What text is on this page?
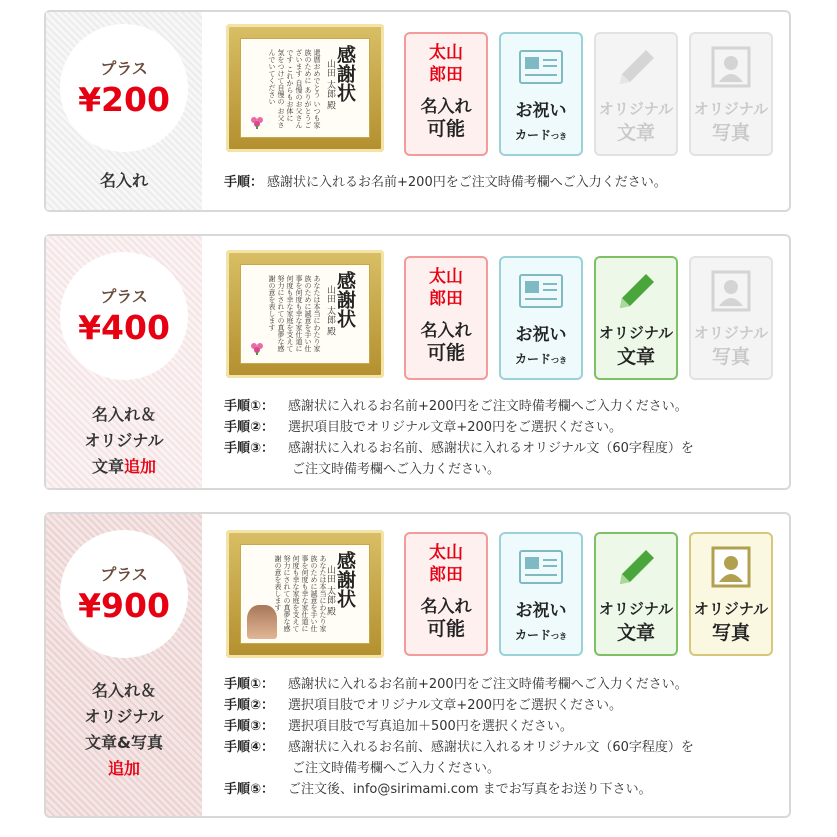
プラス
¥200
名入れ
還暦おめでとう いつも家族のために ありがとうございます 自慢のお父さんです これからもお体に 気をつけて自慢の お父さんでいてください	山田 太郎 殿 感謝状	太山
郎田
名入れ
可能
お祝い
カードつき
オリジナル
文章
オリジナル
写真
手順： 感謝状に入れるお名前+200円をご注文時備考欄へご入力ください。
プラス
¥400
名入れ＆
オリジナル
文章追加
あなたは本当にわたり家族のために誠意を手い仕事を何度も幸な家仕道に何度も幸な家庭を支えて努力にされての真夢な感謝の意を表します	山田 太郎 殿 感謝状	太山
郎田
名入れ
可能
お祝い
カードつき
オリジナル
文章
オリジナル
写真
手順①： 感謝状に入れるお名前+200円をご注文時備考欄へご入力ください。
手順②： 選択項目肢でオリジナル文章+200円をご選択ください。
手順③： 感謝状に入れるお名前、感謝状に入れるオリジナル文（60字程度）を
ご注文時備考欄へご入力ください。
プラス
¥900
名入れ＆
オリジナル
文章&写真
追加
あなたは本当にわたり家族のために誠意を手い仕事を何度も幸な家仕道に何度も幸な家庭を支えて努力にされての真夢な感謝の意を表します	山田 太郎 殿 感謝状	太山
郎田
名入れ
可能
お祝い
カードつき
オリジナル
文章
オリジナル
写真
手順①： 感謝状に入れるお名前+200円をご注文時備考欄へご入力ください。
手順②： 選択項目肢でオリジナル文章+200円をご選択ください。
手順③： 選択項目肢で写真追加＋500円を選択ください。
手順④： 感謝状に入れるお名前、感謝状に入れるオリジナル文（60字程度）を
ご注文時備考欄へご入力ください。
手順⑤： ご注文後、info@sirimami.com までお写真をお送り下さい。
